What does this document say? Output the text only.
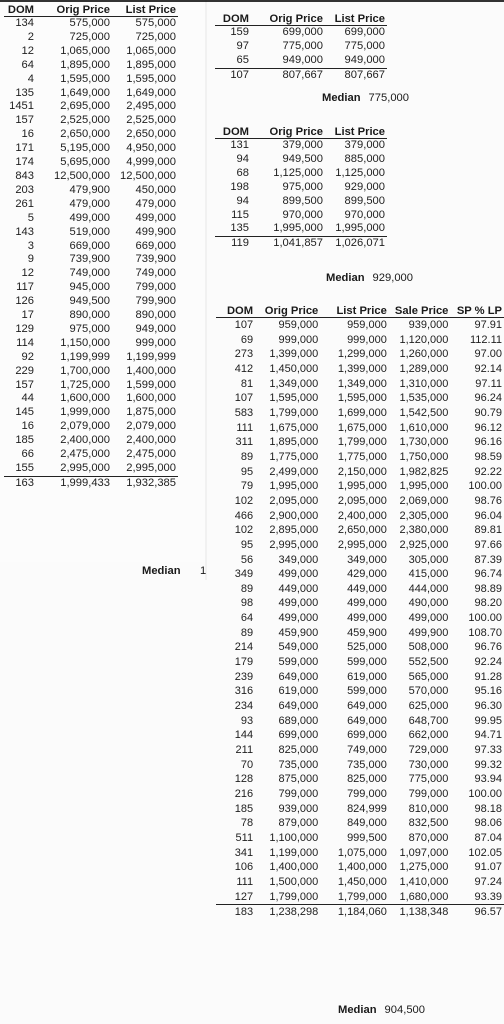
DOM	Orig Price	List Price
134	575,000	575,000
2	725,000	725,000
12	1,065,000	1,065,000
64	1,895,000	1,895,000
4	1,595,000	1,595,000
135	1,649,000	1,649,000
1451	2,695,000	2,495,000
157	2,525,000	2,525,000
16	2,650,000	2,650,000
171	5,195,000	4,950,000
174	5,695,000	4,999,000
843	12,500,000	12,500,000
203	479,900	450,000
261	479,000	479,000
5	499,000	499,000
143	519,000	499,900
3	669,000	669,000
9	739,900	739,900
12	749,000	749,000
117	945,000	799,000
126	949,500	799,900
17	890,000	890,000
129	975,000	949,000
114	1,150,000	999,000
92	1,199,999	1,199,999
229	1,700,000	1,400,000
157	1,725,000	1,599,000
44	1,600,000	1,600,000
145	1,999,000	1,875,000
16	2,079,000	2,079,000
185	2,400,000	2,400,000
66	2,475,000	2,475,000
155	2,995,000	2,995,000
163	1,999,433	1,932,385
Median 1
DOM	Orig Price	List Price
159	699,000	699,000
97	775,000	775,000
65	949,000	949,000
107	807,667	807,667
Median 775,000
DOM	Orig Price	List Price
131	379,000	379,000
94	949,500	885,000
68	1,125,000	1,125,000
198	975,000	929,000
94	899,500	899,500
115	970,000	970,000
135	1,995,000	1,995,000
119	1,041,857	1,026,071
Median 929,000
DOM	Orig Price	List Price	Sale Price	SP % LP
107	959,000	959,000	939,000	97.91
69	999,000	999,000	1,120,000	112.11
273	1,399,000	1,299,000	1,260,000	97.00
412	1,450,000	1,399,000	1,289,000	92.14
81	1,349,000	1,349,000	1,310,000	97.11
107	1,595,000	1,595,000	1,535,000	96.24
583	1,799,000	1,699,000	1,542,500	90.79
111	1,675,000	1,675,000	1,610,000	96.12
311	1,895,000	1,799,000	1,730,000	96.16
89	1,775,000	1,775,000	1,750,000	98.59
95	2,499,000	2,150,000	1,982,825	92.22
79	1,995,000	1,995,000	1,995,000	100.00
102	2,095,000	2,095,000	2,069,000	98.76
466	2,900,000	2,400,000	2,305,000	96.04
102	2,895,000	2,650,000	2,380,000	89.81
95	2,995,000	2,995,000	2,925,000	97.66
56	349,000	349,000	305,000	87.39
349	499,000	429,000	415,000	96.74
89	449,000	449,000	444,000	98.89
98	499,000	499,000	490,000	98.20
64	499,000	499,000	499,000	100.00
89	459,900	459,900	499,900	108.70
214	549,000	525,000	508,000	96.76
179	599,000	599,000	552,500	92.24
239	649,000	619,000	565,000	91.28
316	619,000	599,000	570,000	95.16
234	649,000	649,000	625,000	96.30
93	689,000	649,000	648,700	99.95
144	699,000	699,000	662,000	94.71
211	825,000	749,000	729,000	97.33
70	735,000	735,000	730,000	99.32
128	875,000	825,000	775,000	93.94
216	799,000	799,000	799,000	100.00
185	939,000	824,999	810,000	98.18
78	879,000	849,000	832,500	98.06
511	1,100,000	999,500	870,000	87.04
341	1,199,000	1,075,000	1,097,000	102.05
106	1,400,000	1,400,000	1,275,000	91.07
111	1,500,000	1,450,000	1,410,000	97.24
127	1,799,000	1,799,000	1,680,000	93.39
183	1,238,298	1,184,060	1,138,348	96.57
Median 904,500
